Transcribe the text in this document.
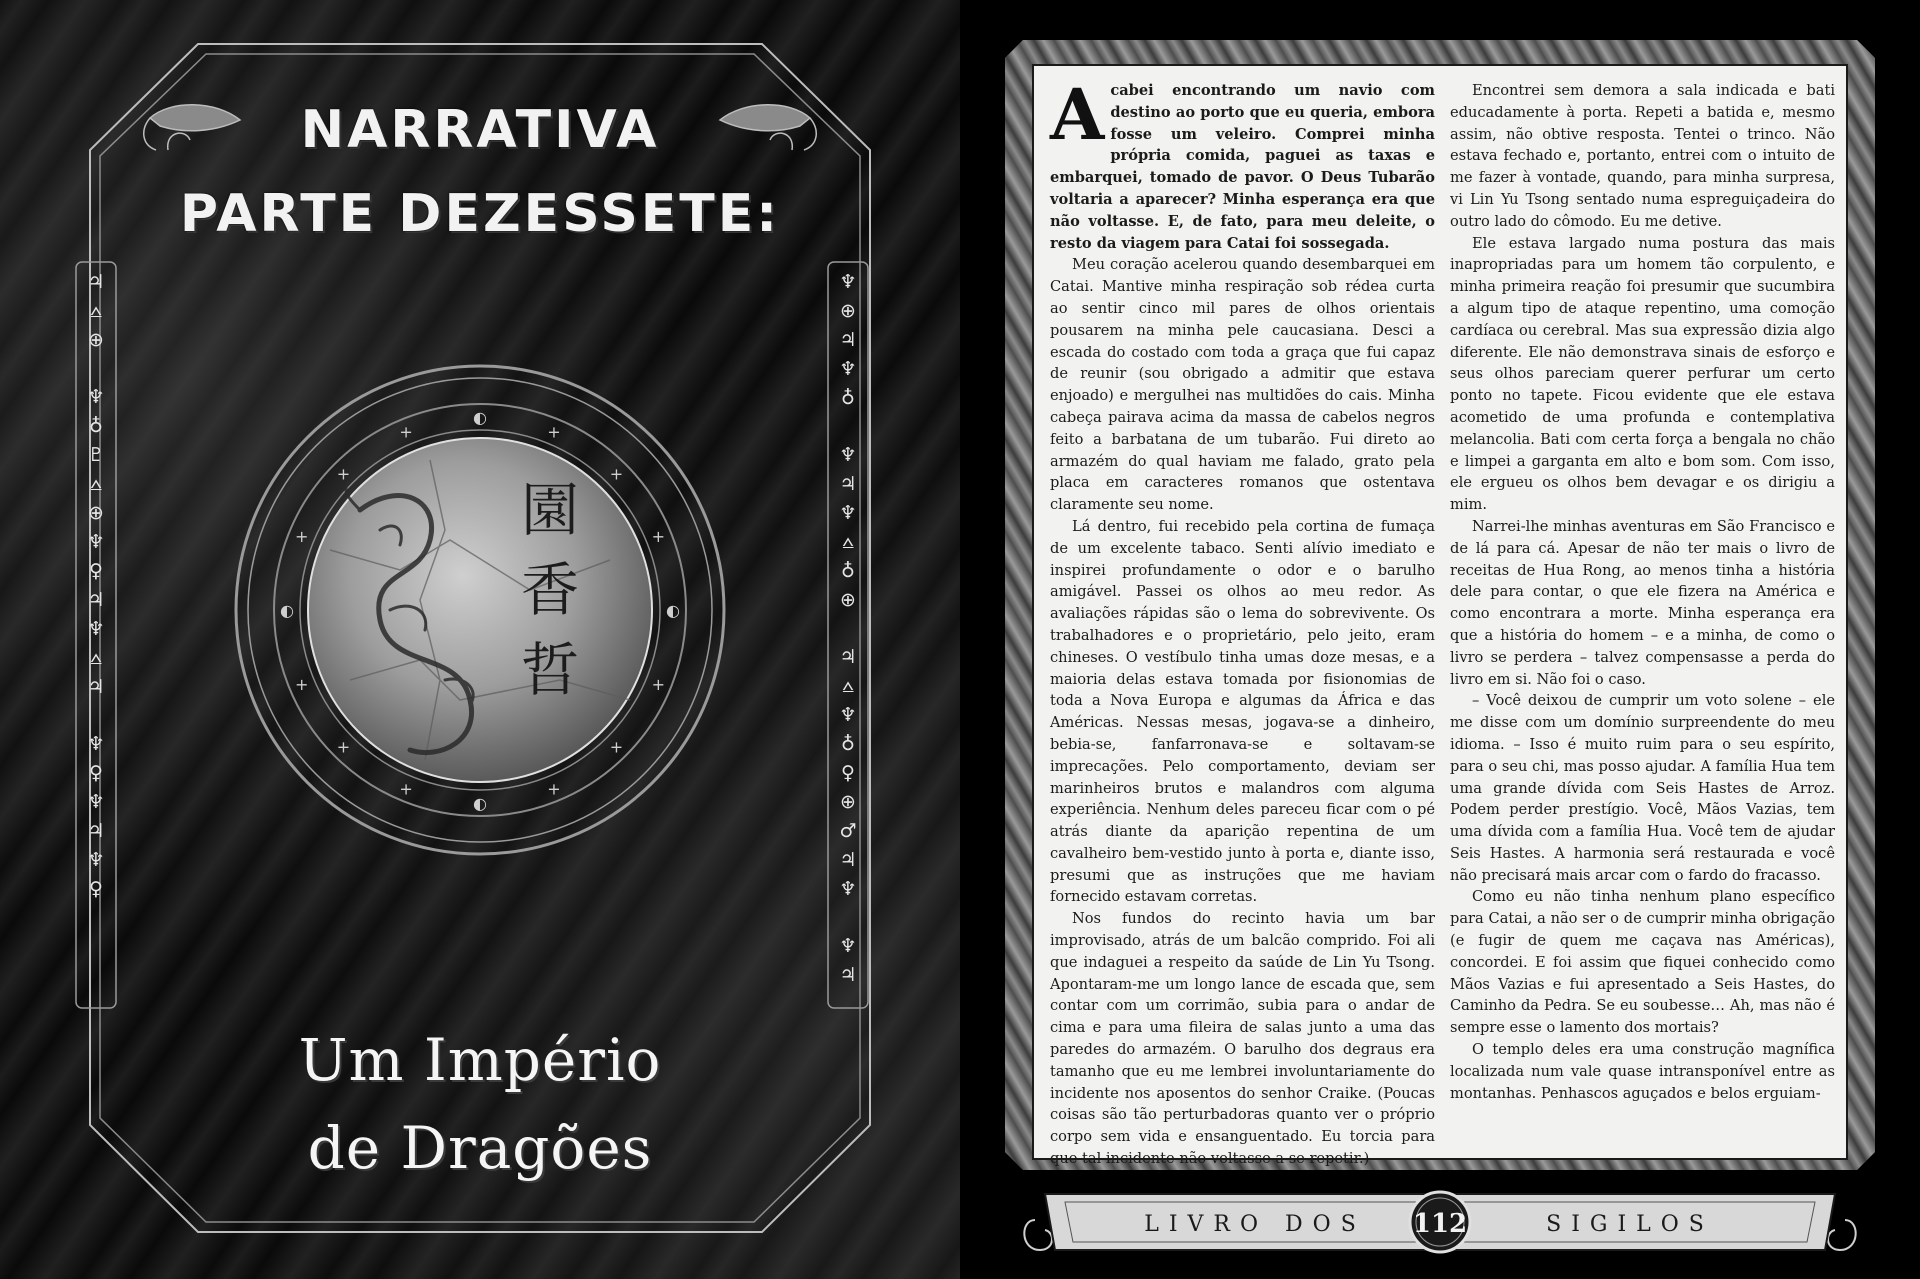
NARRATIVA
PARTE DEZESSETE:
♃
⩟
⊕
♆
♁
♇
⩟
⊕
♆
♀
♃
♆
⩟
♃
♆
♀
♆
♃
♆
♀
♆
⊕
♃
♆
♁
♆
♃
♆
⩟
♁
⊕
♃
⩟
♆
♁
♀
⊕
♂
♃
♆
♆
♃
◐
+
+
+
◐
+
+
+
◐
+
+
+
◐
+
+
+
園
香
哲
Um Império
de Dragões

Acabei encontrando um navio com destino ao porto que eu queria, embora fosse um veleiro. Comprei minha própria comida, paguei as taxas e embarquei, tomado de pavor. O Deus Tubarão voltaria a aparecer? Minha esperança era que não voltasse. E, de fato, para meu deleite, o resto da viagem para Catai foi sossegada.

Meu coração acelerou quando desembarquei em Catai. Mantive minha respiração sob rédea curta ao sentir cinco mil pares de olhos orientais pousarem na minha pele caucasiana. Desci a escada do costado com toda a graça que fui capaz de reunir (sou obrigado a admitir que estava enjoado) e mergulhei nas multidões do cais. Minha cabeça pairava acima da massa de cabelos negros feito a barbatana de um tubarão. Fui direto ao armazém do qual haviam me falado, grato pela placa em caracteres romanos que ostentava claramente seu nome.

Lá dentro, fui recebido pela cortina de fumaça de um excelente tabaco. Senti alívio imediato e inspirei profundamente o odor e o barulho amigável. Passei os olhos ao meu redor. As avaliações rápidas são o lema do sobrevivente. Os trabalhadores e o proprietário, pelo jeito, eram chineses. O vestíbulo tinha umas doze mesas, e a maioria delas estava tomada por fisionomias de toda a Nova Europa e algumas da África e das Américas. Nessas mesas, jogava-se a dinheiro, bebia-se, fanfarronava-se e soltavam-se imprecações. Pelo comportamento, deviam ser marinheiros brutos e malandros com alguma experiência. Nenhum deles pareceu ficar com o pé atrás diante da aparição repentina de um cavalheiro bem-vestido junto à porta e, diante isso, presumi que as instruções que me haviam fornecido estavam corretas.

Nos fundos do recinto havia um bar improvisado, atrás de um balcão comprido. Foi ali que indaguei a respeito da saúde de Lin Yu Tsong. Apontaram-me um longo lance de escada que, sem contar com um corrimão, subia para o andar de cima e para uma fileira de salas junto a uma das paredes do armazém. O barulho dos degraus era tamanho que eu me lembrei involuntariamente do incidente nos aposentos do senhor Craike. (Poucas coisas são tão perturbadoras quanto ver o próprio corpo sem vida e ensanguentado. Eu torcia para que tal incidente não voltasse a se repetir.)

Encontrei sem demora a sala indicada e bati educadamente à porta. Repeti a batida e, mesmo assim, não obtive resposta. Tentei o trinco. Não estava fechado e, portanto, entrei com o intuito de me fazer à vontade, quando, para minha surpresa, vi Lin Yu Tsong sentado numa espreguiçadeira do outro lado do cômodo. Eu me detive.

Ele estava largado numa postura das mais inapropriadas para um homem tão corpulento, e minha primeira reação foi presumir que sucumbira a algum tipo de ataque repentino, uma comoção cardíaca ou cerebral. Mas sua expressão dizia algo diferente. Ele não demonstrava sinais de esforço e seus olhos pareciam querer perfurar um certo ponto no tapete. Ficou evidente que ele estava acometido de uma profunda e contemplativa melancolia. Bati com certa força a bengala no chão e limpei a garganta em alto e bom som. Com isso, ele ergueu os olhos bem devagar e os dirigiu a mim.

Narrei-lhe minhas aventuras em São Francisco e de lá para cá. Apesar de não ter mais o livro de receitas de Hua Rong, ao menos tinha a história dele para contar, o que ele fizera na América e como encontrara a morte. Minha esperança era que a história do homem – e a minha, de como o livro se perdera – talvez compensasse a perda do livro em si. Não foi o caso.

– Você deixou de cumprir um voto solene – ele me disse com um domínio surpreendente do meu idioma. – Isso é muito ruim para o seu espírito, para o seu chi, mas posso ajudar. A família Hua tem uma grande dívida com Seis Hastes de Arroz. Podem perder prestígio. Você, Mãos Vazias, tem uma dívida com a família Hua. Você tem de ajudar Seis Hastes. A harmonia será restaurada e você não precisará mais arcar com o fardo do fracasso.

Como eu não tinha nenhum plano específico para Catai, a não ser o de cumprir minha obrigação (e fugir de quem me caçava nas Américas), concordei. E foi assim que fiquei conhecido como Mãos Vazias e fui apresentado a Seis Hastes, do Caminho da Pedra. Se eu soubesse… Ah, mas não é sempre esse o lamento dos mortais?

O templo deles era uma construção magnífica localizada num vale quase intransponível entre as montanhas. Penhascos aguçados e belos erguiam-

LIVRO DOS 112	SIGILOS
